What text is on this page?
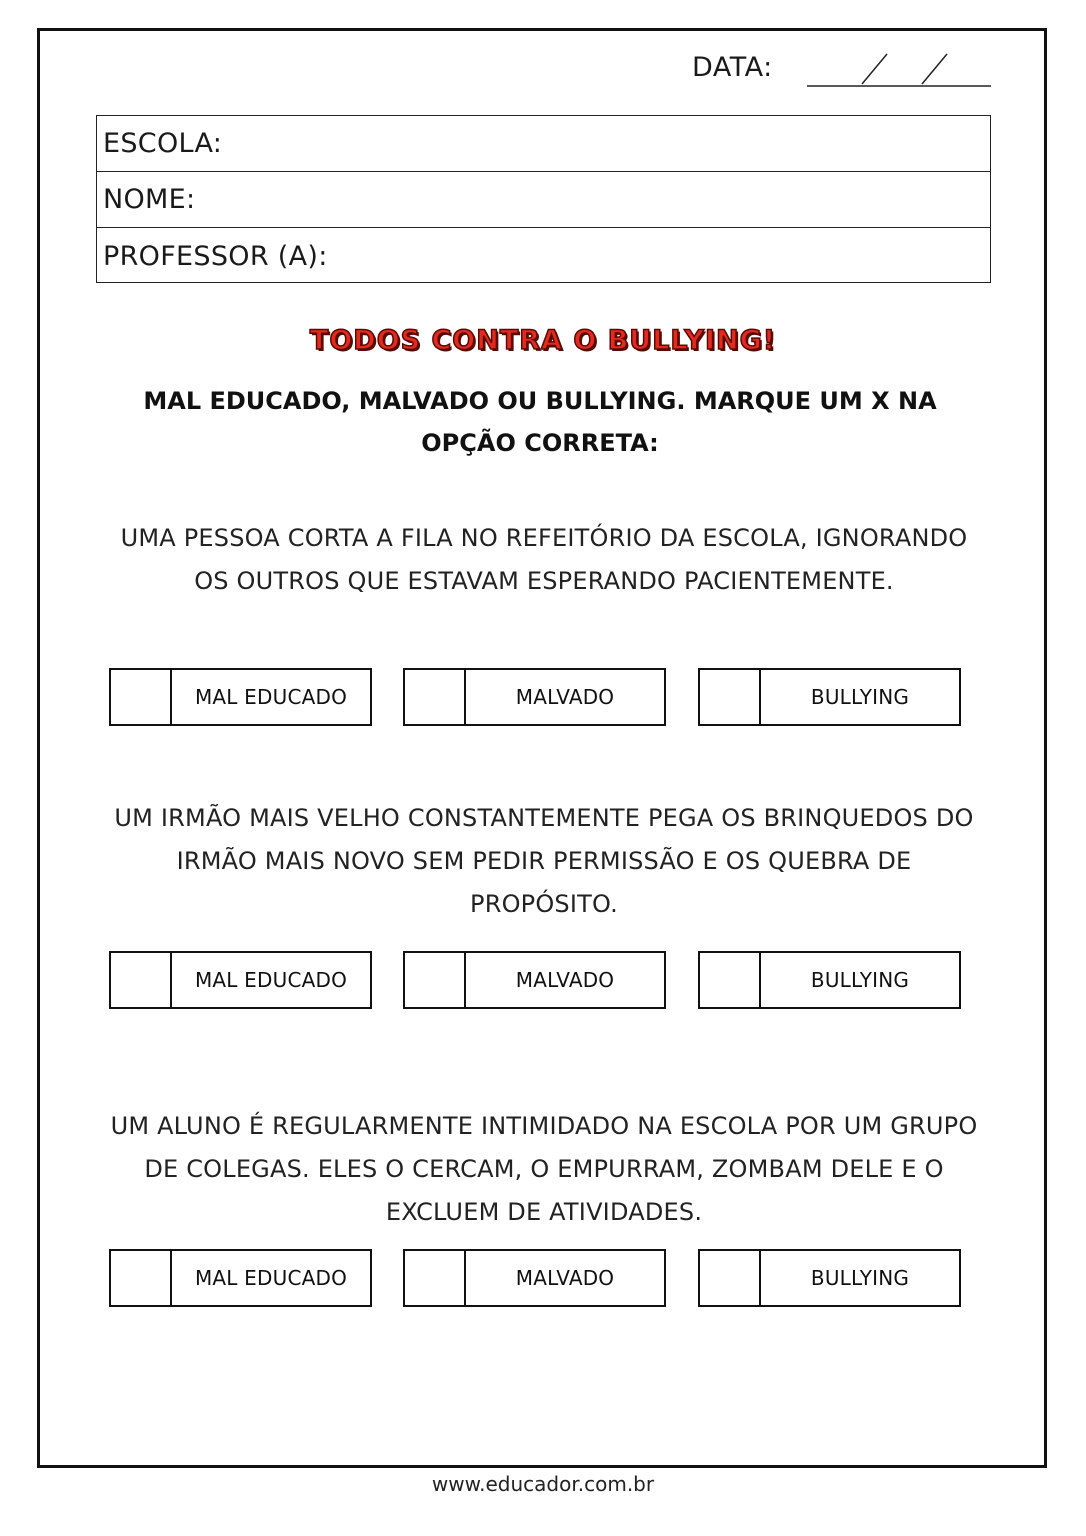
DATA:
ESCOLA:
NOME:
PROFESSOR (A):
TODOS CONTRA O BULLYING!
MAL EDUCADO, MALVADO OU BULLYING. MARQUE UM X NA OPÇÃO CORRETA:
UMA PESSOA CORTA A FILA NO REFEITÓRIO DA ESCOLA, IGNORANDO OS OUTROS QUE ESTAVAM ESPERANDO PACIENTEMENTE.
MAL EDUCADO	MALVADO	BULLYING
UM IRMÃO MAIS VELHO CONSTANTEMENTE PEGA OS BRINQUEDOS DO IRMÃO MAIS NOVO SEM PEDIR PERMISSÃO E OS QUEBRA DE PROPÓSITO.
MAL EDUCADO	MALVADO	BULLYING
UM ALUNO É REGULARMENTE INTIMIDADO NA ESCOLA POR UM GRUPO DE COLEGAS. ELES O CERCAM, O EMPURRAM, ZOMBAM DELE E O EXCLUEM DE ATIVIDADES.
MAL EDUCADO	MALVADO	BULLYING
www.educador.com.br
